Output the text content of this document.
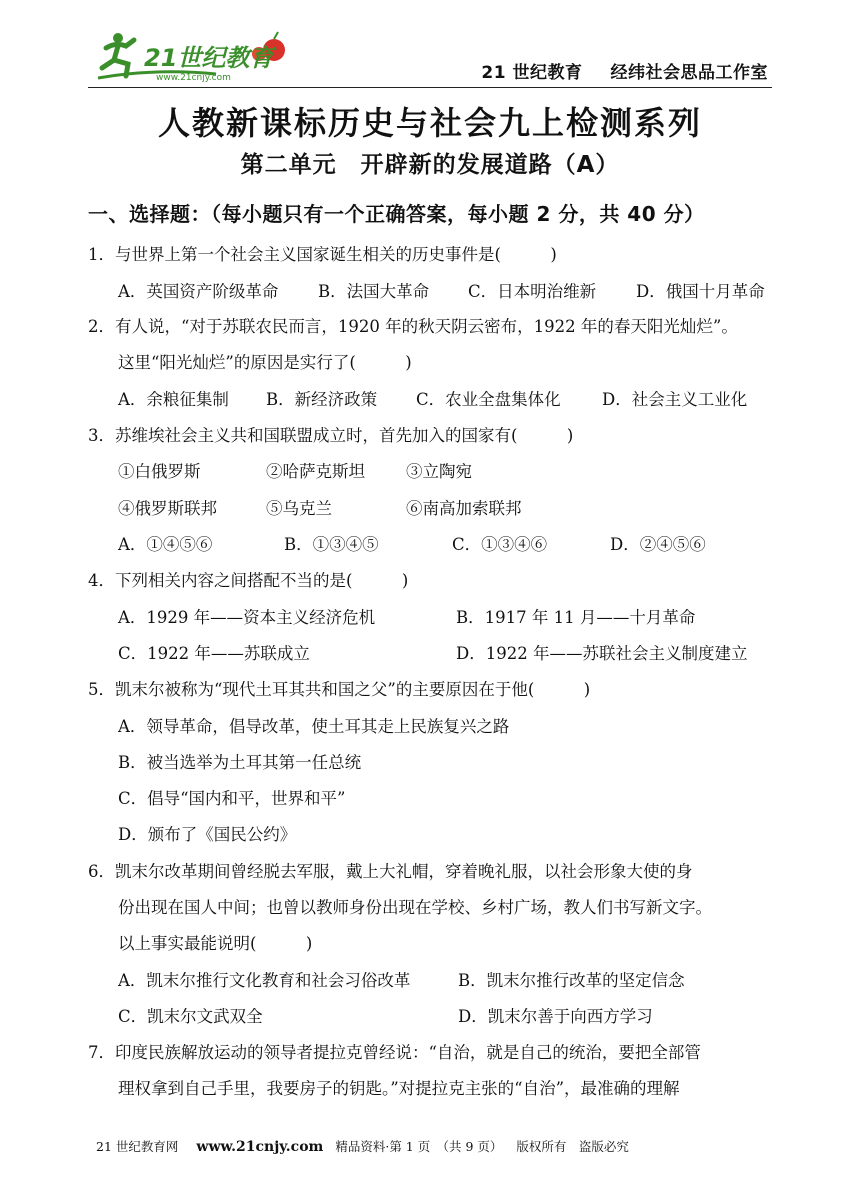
21世纪教育
www.21cnjy.com	21 世纪教育 经纬社会思品工作室
人教新课标历史与社会九上检测系列
第二单元　开辟新的发展道路（A）
一、选择题：（每小题只有一个正确答案，每小题 2 分，共 40 分）
1．与世界上第一个社会主义国家诞生相关的历史事件是(　　　)
A．英国资产阶级革命 B．法国大革命 C．日本明治维新 D．俄国十月革命
2．有人说，“对于苏联农民而言，1920 年的秋天阴云密布，1922 年的春天阳光灿烂”。
这里“阳光灿烂”的原因是实行了(　　　)
A．余粮征集制 B．新经济政策 C．农业全盘集体化	D．社会主义工业化
3．苏维埃社会主义共和国联盟成立时，首先加入的国家有(　　　)
①白俄罗斯	②哈萨克斯坦 ③立陶宛
④俄罗斯联邦	⑤乌克兰	⑥南高加索联邦
A．①④⑤⑥	B．①③④⑤	C．①③④⑥	D．②④⑤⑥
4．下列相关内容之间搭配不当的是(　　　)
A．1929 年——资本主义经济危机	B．1917 年 11 月——十月革命
C．1922 年——苏联成立	D．1922 年——苏联社会主义制度建立
5．凯末尔被称为“现代土耳其共和国之父”的主要原因在于他(　　　)
A．领导革命，倡导改革，使土耳其走上民族复兴之路
B．被当选举为土耳其第一任总统
C．倡导“国内和平，世界和平”
D．颁布了《国民公约》
6．凯末尔改革期间曾经脱去军服，戴上大礼帽，穿着晚礼服，以社会形象大使的身
份出现在国人中间；也曾以教师身份出现在学校、乡村广场，教人们书写新文字。
以上事实最能说明(　　　)
A．凯末尔推行文化教育和社会习俗改革	B．凯末尔推行改革的坚定信念
C．凯末尔文武双全	D．凯末尔善于向西方学习
7．印度民族解放运动的领导者提拉克曾经说：“自治，就是自己的统治，要把全部管
理权拿到自己手里，我要房子的钥匙。”对提拉克主张的“自治”，最准确的理解
21 世纪教育网 www.21cnjy.com 精品资料·第 1 页　（共 9 页） 版权所有　盗版必究
